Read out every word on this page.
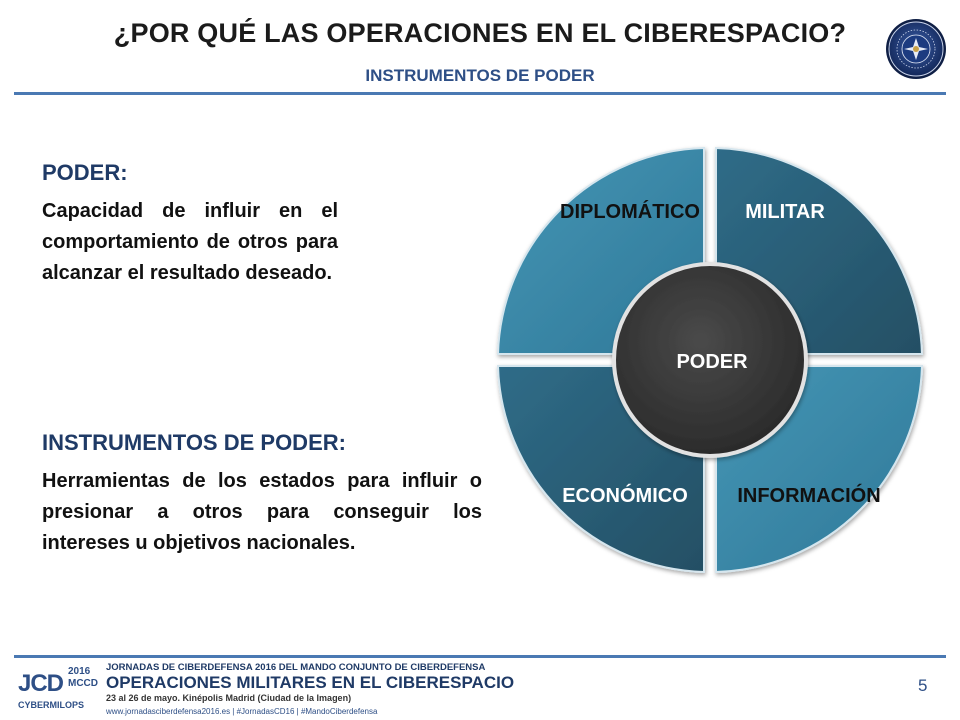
¿POR QUÉ LAS OPERACIONES EN EL CIBERESPACIO?
INSTRUMENTOS DE PODER
PODER:
Capacidad de influir en el comportamiento de otros para alcanzar el resultado deseado.
INSTRUMENTOS DE PODER:
Herramientas de los estados para influir o presionar a otros para conseguir los intereses u objetivos nacionales.
PODER
DIPLOMÁTICO MILITAR
ECONÓMICO INFORMACIÓN
JCD 2016
MCCD
CYBERMILOPS
JORNADAS DE CIBERDEFENSA 2016 DEL MANDO CONJUNTO DE CIBERDEFENSA
OPERACIONES MILITARES EN EL CIBERESPACIO
23 al 26 de mayo. Kinépolis Madrid (Ciudad de la Imagen)
www.jornadasciberdefensa2016.es | #JornadasCD16 | #MandoCiberdefensa
5
